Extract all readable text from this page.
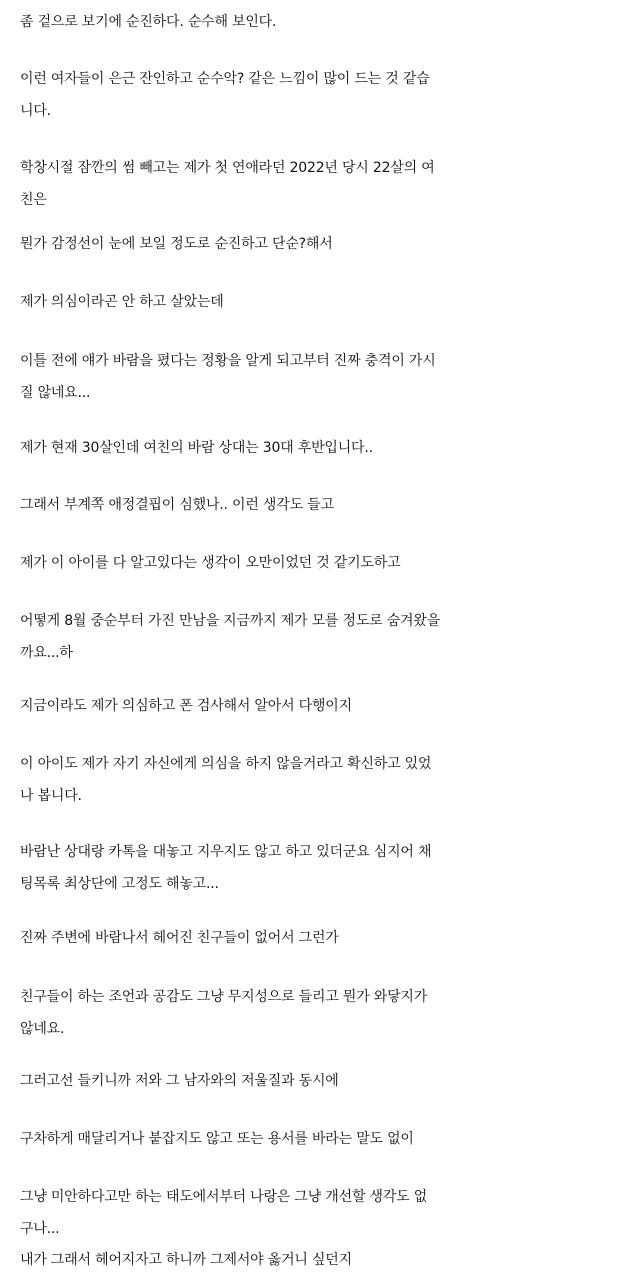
좀 겉으로 보기에 순진하다. 순수해 보인다.

이런 여자들이 은근 잔인하고 순수악? 같은 느낌이 많이 드는 것 같습
니다.

학창시절 잠깐의 썸 빼고는 제가 첫 연애라던 2022년 당시 22살의 여
친은

뭔가 감정선이 눈에 보일 정도로 순진하고 단순?해서

제가 의심이라곤 안 하고 살았는데

이틀 전에 얘가 바람을 폈다는 정황을 알게 되고부터 진짜 충격이 가시
질 않네요...

제가 현재 30살인데 여친의 바람 상대는 30대 후반입니다..

그래서 부계쪽 애정결핍이 심했나.. 이런 생각도 들고

제가 이 아이를 다 알고있다는 생각이 오만이었던 것 같기도하고

어떻게 8월 중순부터 가진 만남을 지금까지 제가 모를 정도로 숨겨왔을
까요...하

지금이라도 제가 의심하고 폰 검사해서 알아서 다행이지

이 아이도 제가 자기 자신에게 의심을 하지 않을거라고 확신하고 있었
나 봅니다.

바람난 상대랑 카톡을 대놓고 지우지도 않고 하고 있더군요 심지어 채
팅목록 최상단에 고정도 해놓고...

진짜 주변에 바람나서 헤어진 친구들이 없어서 그런가

친구들이 하는 조언과 공감도 그냥 무지성으로 들리고 뭔가 와닿지가
않네요.

그러고선 들키니까 저와 그 남자와의 저울질과 동시에

구차하게 매달리거나 붙잡지도 않고 또는 용서를 바라는 말도 없이

그냥 미안하다고만 하는 태도에서부터 나랑은 그냥 개선할 생각도 없
구나...

내가 그래서 헤어지자고 하니까 그제서야 옳거니 싶던지
